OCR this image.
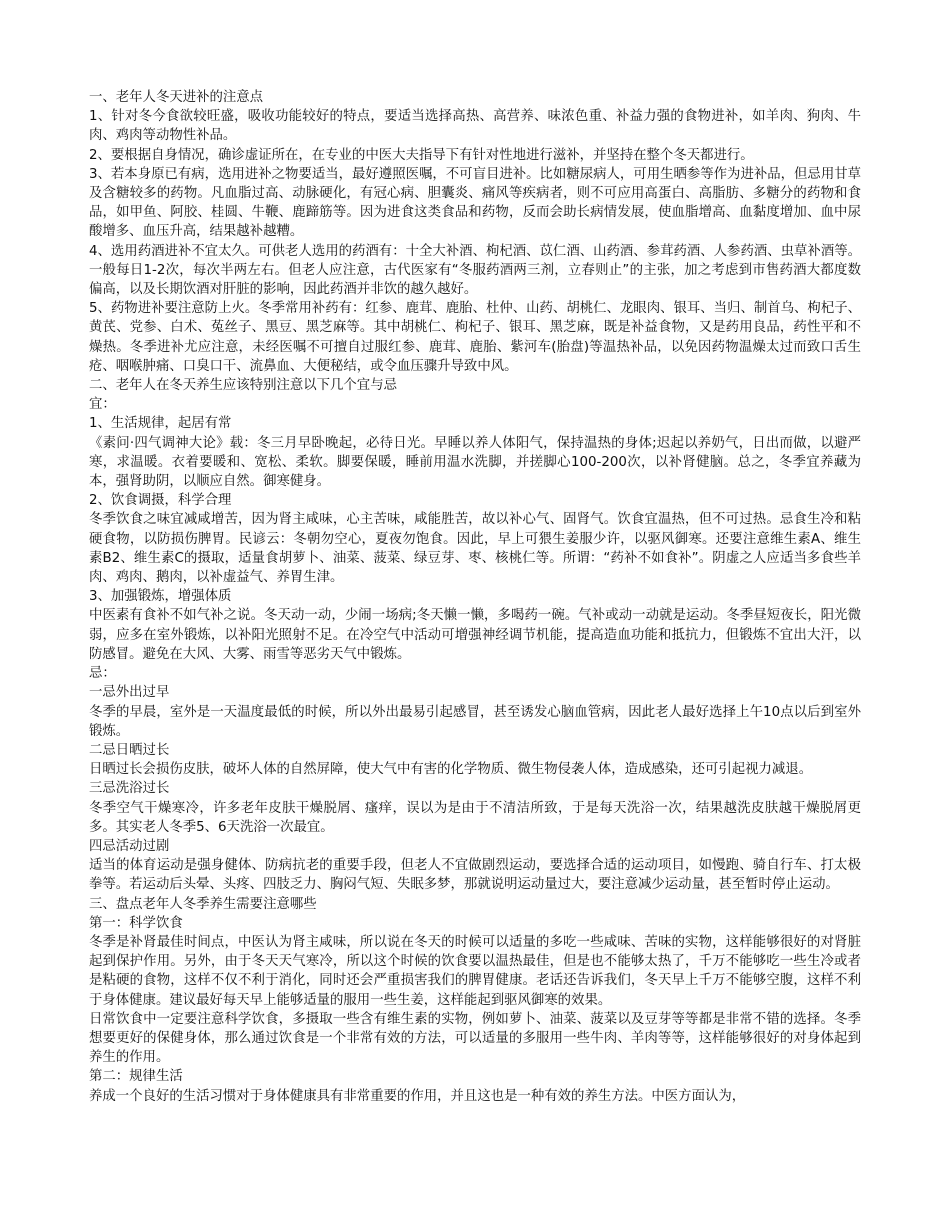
一、老年人冬天进补的注意点

1、针对冬今食欲较旺盛，吸收功能较好的特点，要适当选择高热、高营养、味浓色重、补益力强的食物进补，如羊肉、狗肉、牛肉、鸡肉等动物性补品。

2、要根据自身情况，确诊虚证所在，在专业的中医大夫指导下有针对性地进行滋补，并坚持在整个冬天都进行。

3、若本身原已有病，选用进补之物要适当，最好遵照医嘱，不可盲目进补。比如糖尿病人，可用生晒参等作为进补品，但忌用甘草及含糖较多的药物。凡血脂过高、动脉硬化，有冠心病、胆囊炎、痛风等疾病者，则不可应用高蛋白、高脂肪、多糖分的药物和食品，如甲鱼、阿胶、桂圆、牛鞭、鹿蹄筋等。因为进食这类食品和药物，反而会助长病情发展，使血脂增高、血黏度增加、血中尿酸增多、血压升高，结果越补越糟。

4、选用药酒进补不宜太久。可供老人选用的药酒有：十全大补酒、枸杞酒、苡仁酒、山药酒、参茸药酒、人参药酒、虫草补酒等。一般每日1-2次，每次半两左右。但老人应注意，古代医家有“冬服药酒两三剂，立春则止”的主张，加之考虑到市售药酒大都度数偏高，以及长期饮酒对肝脏的影响，因此药酒并非饮的越久越好。

5、药物进补要注意防上火。冬季常用补药有：红参、鹿茸、鹿胎、杜仲、山药、胡桃仁、龙眼肉、银耳、当归、制首乌、枸杞子、黄芪、党参、白术、菟丝子、黑豆、黑芝麻等。其中胡桃仁、枸杞子、银耳、黑芝麻，既是补益食物，又是药用良品，药性平和不燥热。冬季进补尤应注意，未经医嘱不可擅自过服红参、鹿茸、鹿胎、紫河车(胎盘)等温热补品，以免因药物温燥太过而致口舌生疮、咽喉肿痛、口臭口干、流鼻血、大便秘结，或令血压骤升导致中风。

二、老年人在冬天养生应该特别注意以下几个宜与忌

宜：

1、生活规律，起居有常

《素问·四气调神大论》载：冬三月早卧晚起，必待日光。早睡以养人体阳气，保持温热的身体;迟起以养奶气，日出而做，以避严寒，求温暖。衣着要暖和、宽松、柔软。脚要保暖，睡前用温水洗脚，并搓脚心100-200次，以补肾健脑。总之，冬季宜养藏为本，强肾助阴，以顺应自然。御寒健身。

2、饮食调摄，科学合理

冬季饮食之味宜减咸增苦，因为肾主咸味，心主苦味，咸能胜苦，故以补心气、固肾气。饮食宜温热，但不可过热。忌食生冷和粘硬食物，以防损伤脾胃。民谚云：冬朝勿空心，夏夜勿饱食。因此，早上可猥生姜服少许，以驱风御寒。还要注意维生素A、维生素B2、维生素C的摄取，适量食胡萝卜、油菜、菠菜、绿豆芽、枣、核桃仁等。所谓：“药补不如食补”。阴虚之人应适当多食些羊肉、鸡肉、鹅肉，以补虚益气、养胃生津。

3、加强锻炼，增强体质

中医素有食补不如气补之说。冬天动一动，少闹一场病;冬天懒一懒，多喝药一碗。气补或动一动就是运动。冬季昼短夜长，阳光微弱，应多在室外锻炼，以补阳光照射不足。在冷空气中活动可增强神经调节机能，提高造血功能和抵抗力，但锻炼不宜出大汗，以防感冒。避免在大风、大雾、雨雪等恶劣天气中锻炼。

忌：

一忌外出过早

冬季的早晨，室外是一天温度最低的时候，所以外出最易引起感冒，甚至诱发心脑血管病，因此老人最好选择上午10点以后到室外锻炼。

二忌日晒过长

日晒过长会损伤皮肤，破坏人体的自然屏障，使大气中有害的化学物质、微生物侵袭人体，造成感染，还可引起视力减退。

三忌洗浴过长

冬季空气干燥寒冷，许多老年皮肤干燥脱屑、瘙痒，误以为是由于不清洁所致，于是每天洗浴一次，结果越洗皮肤越干燥脱屑更多。其实老人冬季5、6天洗浴一次最宜。

四忌活动过剧

适当的体育运动是强身健体、防病抗老的重要手段，但老人不宜做剧烈运动，要选择合适的运动项目，如慢跑、骑自行车、打太极拳等。若运动后头晕、头疼、四肢乏力、胸闷气短、失眠多梦，那就说明运动量过大，要注意减少运动量，甚至暂时停止运动。

三、盘点老年人冬季养生需要注意哪些

第一：科学饮食

冬季是补肾最佳时间点，中医认为肾主咸味，所以说在冬天的时候可以适量的多吃一些咸味、苦味的实物，这样能够很好的对肾脏起到保护作用。另外，由于冬天天气寒冷，所以这个时候的饮食要以温热最佳，但是也不能够太热了，千万不能够吃一些生冷或者是粘硬的食物，这样不仅不利于消化，同时还会严重损害我们的脾胃健康。老话还告诉我们，冬天早上千万不能够空腹，这样不利于身体健康。建议最好每天早上能够适量的服用一些生姜，这样能起到驱风御寒的效果。

日常饮食中一定要注意科学饮食，多摄取一些含有维生素的实物，例如萝卜、油菜、菠菜以及豆芽等等都是非常不错的选择。冬季想要更好的保健身体，那么通过饮食是一个非常有效的方法，可以适量的多服用一些牛肉、羊肉等等，这样能够很好的对身体起到养生的作用。

第二：规律生活

养成一个良好的生活习惯对于身体健康具有非常重要的作用，并且这也是一种有效的养生方法。中医方面认为，
